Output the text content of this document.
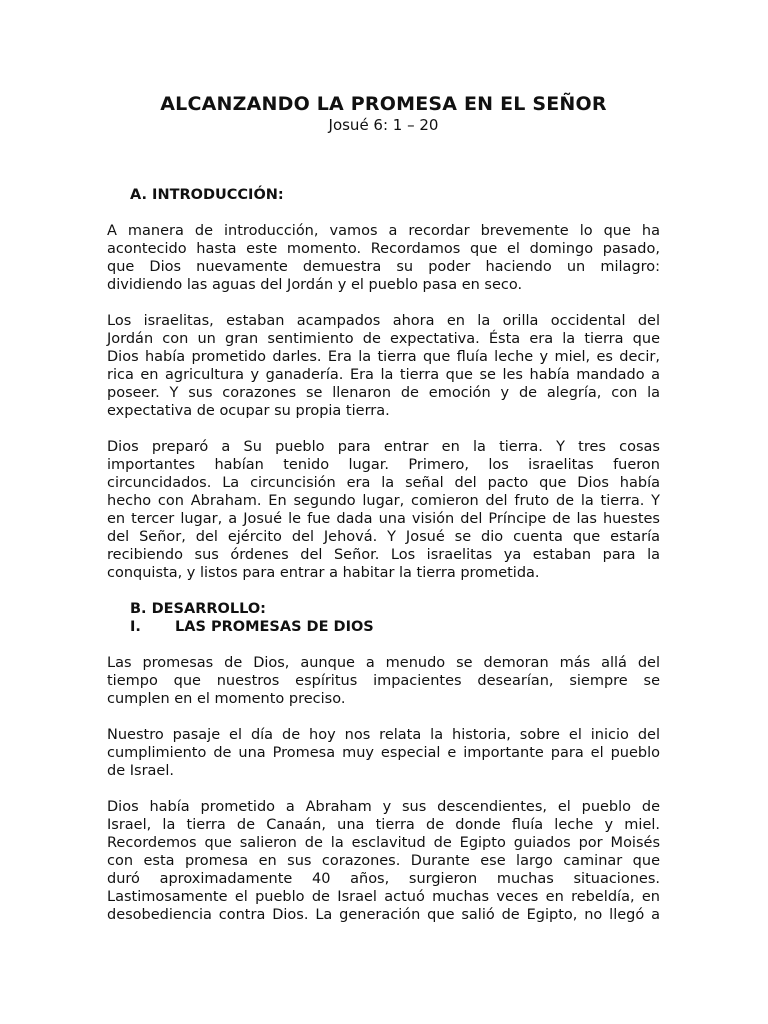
ALCANZANDO LA PROMESA EN EL SEÑOR

Josué 6: 1 – 20

A. INTRODUCCIÓN:

A manera de introducción, vamos a recordar brevemente lo que ha
acontecido hasta este momento. Recordamos que el domingo pasado,
que Dios nuevamente demuestra su poder haciendo un milagro:
dividiendo las aguas del Jordán y el pueblo pasa en seco.

Los israelitas, estaban acampados ahora en la orilla occidental del
Jordán con un gran sentimiento de expectativa. Ésta era la tierra que
Dios había prometido darles. Era la tierra que fluía leche y miel, es decir,
rica en agricultura y ganadería. Era la tierra que se les había mandado a
poseer. Y sus corazones se llenaron de emoción y de alegría, con la
expectativa de ocupar su propia tierra.

Dios preparó a Su pueblo para entrar en la tierra. Y tres cosas
importantes habían tenido lugar. Primero, los israelitas fueron
circuncidados. La circuncisión era la señal del pacto que Dios había
hecho con Abraham. En segundo lugar, comieron del fruto de la tierra. Y
en tercer lugar, a Josué le fue dada una visión del Príncipe de las huestes
del Señor, del ejército del Jehová. Y Josué se dio cuenta que estaría
recibiendo sus órdenes del Señor. Los israelitas ya estaban para la
conquista, y listos para entrar a habitar la tierra prometida.

B. DESARROLLO:

I.	LAS PROMESAS DE DIOS

Las promesas de Dios, aunque a menudo se demoran más allá del
tiempo que nuestros espíritus impacientes desearían, siempre se
cumplen en el momento preciso.

Nuestro pasaje el día de hoy nos relata la historia, sobre el inicio del
cumplimiento de una Promesa muy especial e importante para el pueblo
de Israel.

Dios había prometido a Abraham y sus descendientes, el pueblo de
Israel, la tierra de Canaán, una tierra de donde fluía leche y miel.
Recordemos que salieron de la esclavitud de Egipto guiados por Moisés
con esta promesa en sus corazones. Durante ese largo caminar que
duró aproximadamente 40 años, surgieron muchas situaciones.
Lastimosamente el pueblo de Israel actuó muchas veces en rebeldía, en
desobediencia contra Dios. La generación que salió de Egipto, no llegó a
